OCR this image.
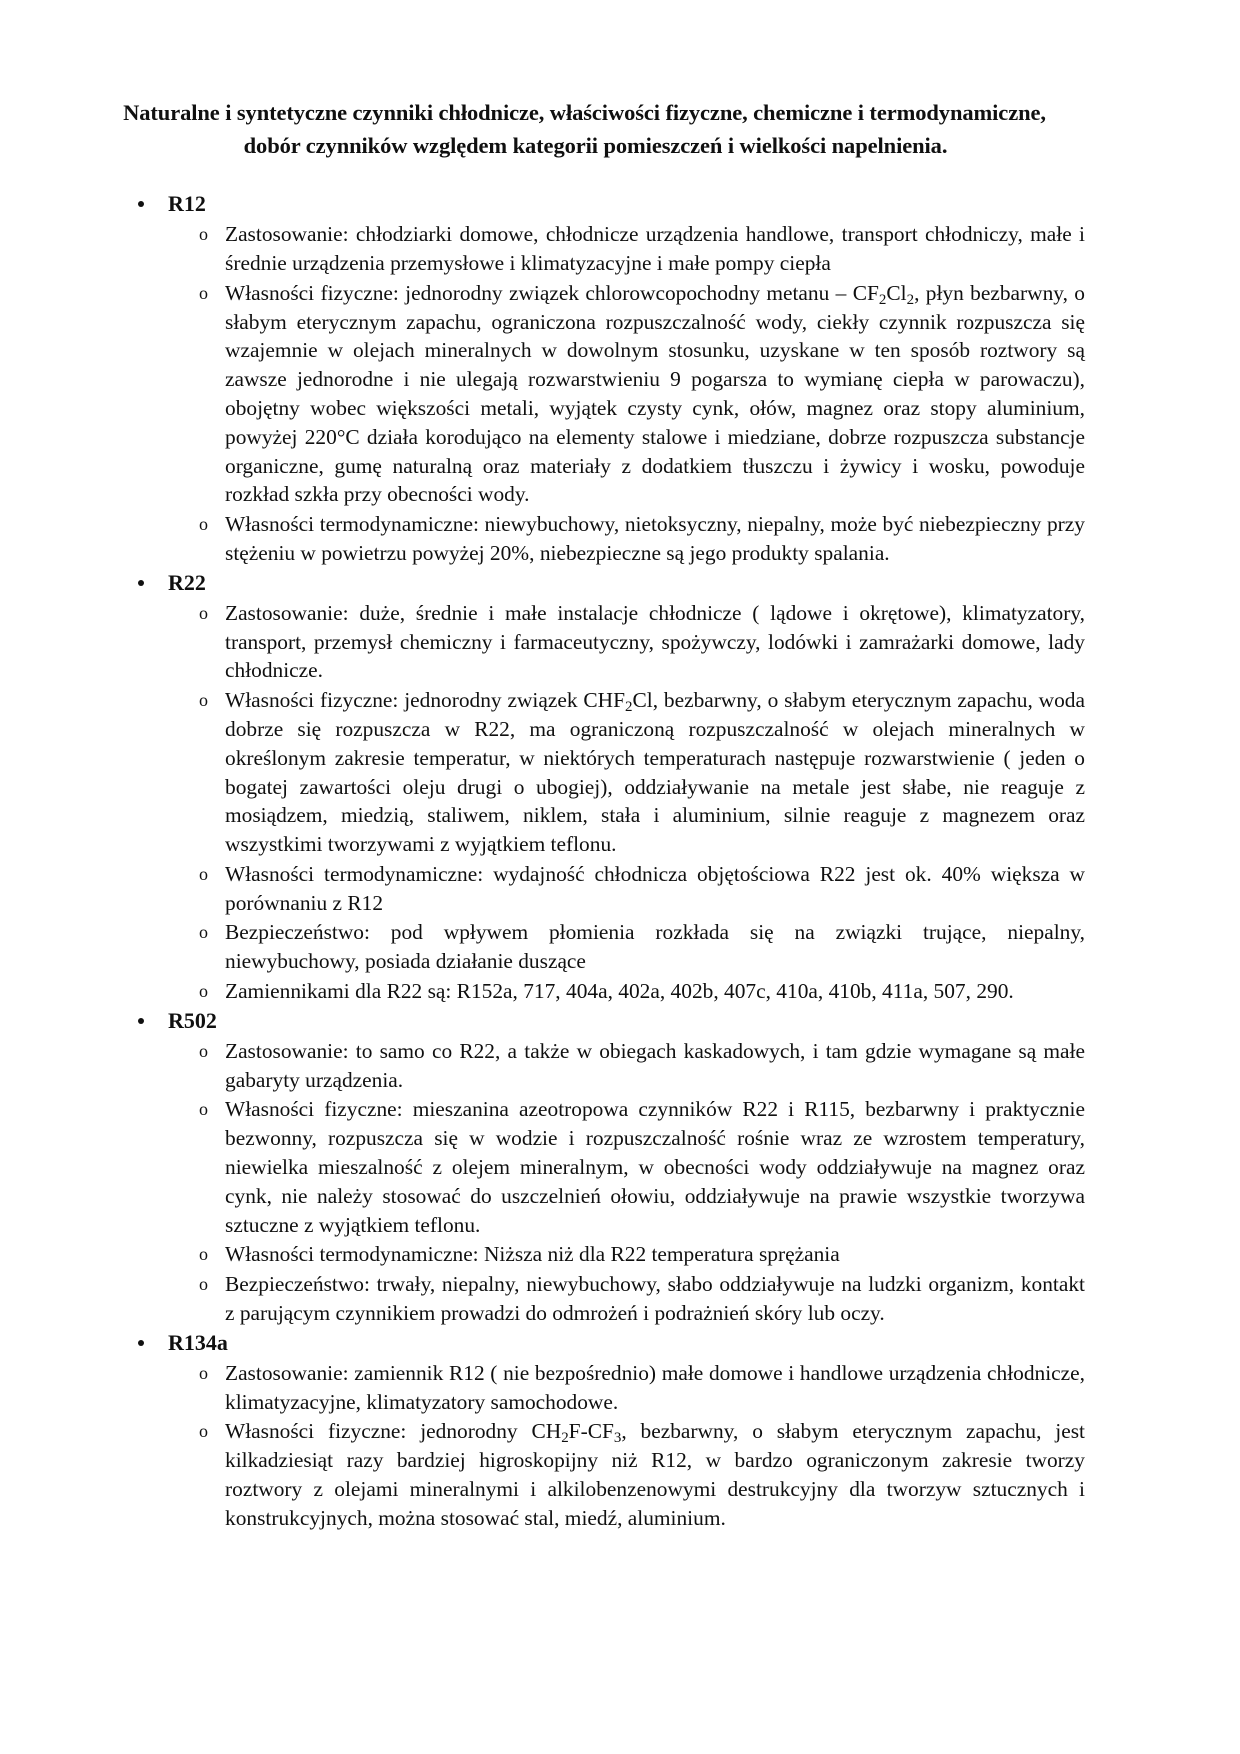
Naturalne i syntetyczne czynniki chłodnicze, właściwości fizyczne, chemiczne i termodynamiczne,
dobór czynników względem kategorii pomieszczeń i wielkości napelnienia.
R12
o Zastosowanie: chłodziarki domowe, chłodnicze urządzenia handlowe, transport chłodniczy, małe i średnie urządzenia przemysłowe i klimatyzacyjne i małe pompy ciepła
o Własności fizyczne: jednorodny związek chlorowcopochodny metanu – $CF_2Cl_2$, płyn bezbarwny, o słabym eterycznym zapachu, ograniczona rozpuszczalność wody, ciekły czynnik rozpuszcza się wzajemnie w olejach mineralnych w dowolnym stosunku, uzyskane w ten sposób roztwory są zawsze jednorodne i nie ulegają rozwarstwieniu 9 pogarsza to wymianę ciepła w parowaczu), obojętny wobec większości metali, wyjątek czysty cynk, ołów, magnez oraz stopy aluminium, powyżej 220°C działa korodująco na elementy stalowe i miedziane, dobrze rozpuszcza substancje organiczne, gumę naturalną oraz materiały z dodatkiem tłuszczu i żywicy i wosku, powoduje rozkład szkła przy obecności wody.
o Własności termodynamiczne: niewybuchowy, nietoksyczny, niepalny, może być niebezpieczny przy stężeniu w powietrzu powyżej 20%, niebezpieczne są jego produkty spalania.
R22
o Zastosowanie: duże, średnie i małe instalacje chłodnicze ( lądowe i okrętowe), klimatyzatory, transport, przemysł chemiczny i farmaceutyczny, spożywczy, lodówki i zamrażarki domowe, lady chłodnicze.
o Własności fizyczne: jednorodny związek $CHF_2Cl$, bezbarwny, o słabym eterycznym zapachu, woda dobrze się rozpuszcza w R22, ma ograniczoną rozpuszczalność w olejach mineralnych w określonym zakresie temperatur, w niektórych temperaturach następuje rozwarstwienie ( jeden o bogatej zawartości oleju drugi o ubogiej), oddziaływanie na metale jest słabe, nie reaguje z mosiądzem, miedzią, staliwem, niklem, stała i aluminium, silnie reaguje z magnezem oraz wszystkimi tworzywami z wyjątkiem teflonu.
o Własności termodynamiczne: wydajność chłodnicza objętościowa R22 jest ok. 40% większa w porównaniu z R12
o Bezpieczeństwo: pod wpływem płomienia rozkłada się na związki trujące, niepalny, niewybuchowy, posiada działanie duszące
o Zamiennikami dla R22 są: R152a, 717, 404a, 402a, 402b, 407c, 410a, 410b, 411a, 507, 290.
R502
o Zastosowanie: to samo co R22, a także w obiegach kaskadowych, i tam gdzie wymagane są małe gabaryty urządzenia.
o Własności fizyczne: mieszanina azeotropowa czynników R22 i R115, bezbarwny i praktycznie bezwonny, rozpuszcza się w wodzie i rozpuszczalność rośnie wraz ze wzrostem temperatury, niewielka mieszalność z olejem mineralnym, w obecności wody oddziaływuje na magnez oraz cynk, nie należy stosować do uszczelnień ołowiu, oddziaływuje na prawie wszystkie tworzywa sztuczne z wyjątkiem teflonu.
o Własności termodynamiczne: Niższa niż dla R22 temperatura sprężania
o Bezpieczeństwo: trwały, niepalny, niewybuchowy, słabo oddziaływuje na ludzki organizm, kontakt z parującym czynnikiem prowadzi do odmrożeń i podrażnień skóry lub oczy.
R134a
o Zastosowanie: zamiennik R12 ( nie bezpośrednio) małe domowe i handlowe urządzenia chłodnicze, klimatyzacyjne, klimatyzatory samochodowe.
o Własności fizyczne: jednorodny $CH_2F-CF_3$, bezbarwny, o słabym eterycznym zapachu, jest kilkadziesiąt razy bardziej higroskopijny niż R12, w bardzo ograniczonym zakresie tworzy roztwory z olejami mineralnymi i alkilobenzenowymi destrukcyjny dla tworzyw sztucznych i konstrukcyjnych, można stosować stal, miedź, aluminium.
